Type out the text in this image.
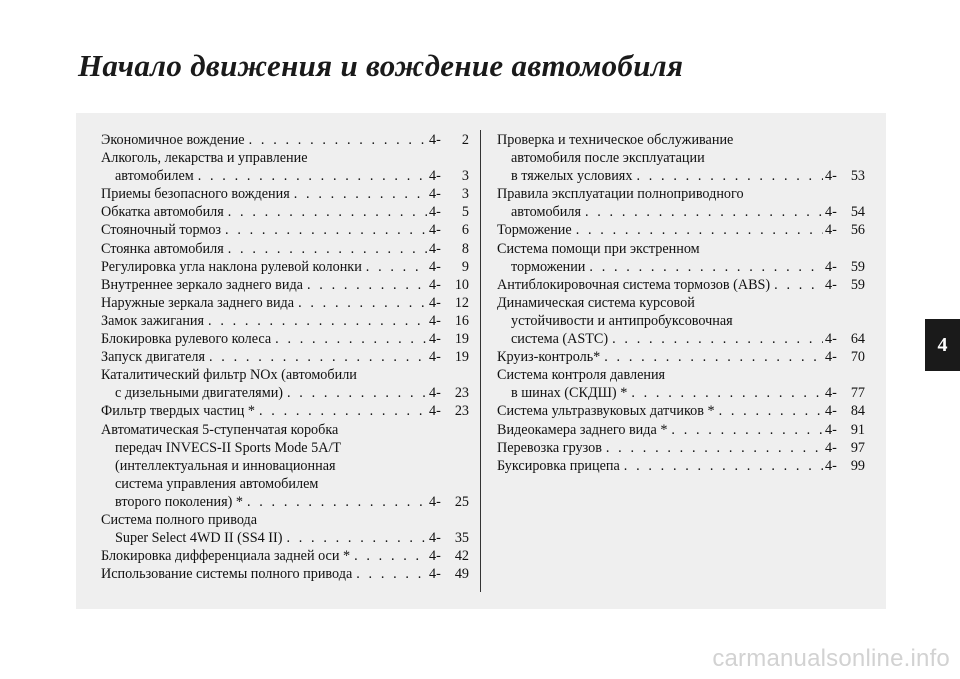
Начало движения и вождение автомобиля
Экономичное вождение . . .	4-	2
Алкоголь, лекарства и управление
автомобилем . . .	4-	3
Приемы безопасного вождения . . .	4-	3
Обкатка автомобиля . . .	4-	5
Стояночный тормоз . . .	4-	6
Стоянка автомобиля . . .	4-	8
Регулировка угла наклона рулевой колонки . . .	4-	9
Внутреннее зеркало заднего вида . . .	4- 10
Наружные зеркала заднего вида . . .	4- 12
Замок зажигания . . .	4- 16
Блокировка рулевого колеса . . .	4- 19
Запуск двигателя . . .	4- 19
Каталитический фильтр NOx (автомобили
с дизельными двигателями) . . .	4- 23
Фильтр твердых частиц * . . .	4- 23
Автоматическая 5-ступенчатая коробка
передач INVECS-II Sports Mode 5A/T
(интеллектуальная и инновационная
система управления автомобилем
второго поколения) * . . .	4- 25
Система полного привода
Super Select 4WD II (SS4 II) . . .	4- 35
Блокировка дифференциала задней оси * . . .	4- 42
Использование системы полного привода . . .	4- 49
Проверка и техническое обслуживание
автомобиля после эксплуатации
в тяжелых условиях . . .	4- 53
Правила эксплуатации полноприводного
автомобиля . . .	4- 54
Торможение . . .	4- 56
Система помощи при экстренном
торможении . . .	4- 59
Антиблокировочная система тормозов (ABS) . . .	4- 59
Динамическая система курсовой
устойчивости и антипробуксовочная
система (ASTC) . . .	4- 64
Круиз-контроль* . . .	4- 70
Система контроля давления
в шинах (СКДШ) * . . .	4- 77
Система ультразвуковых датчиков * . . .	4- 84
Видеокамера заднего вида * . . .	4- 91
Перевозка грузов . . .	4- 97
Буксировка прицепа . . .	4- 99
4
carmanualsonline.info
